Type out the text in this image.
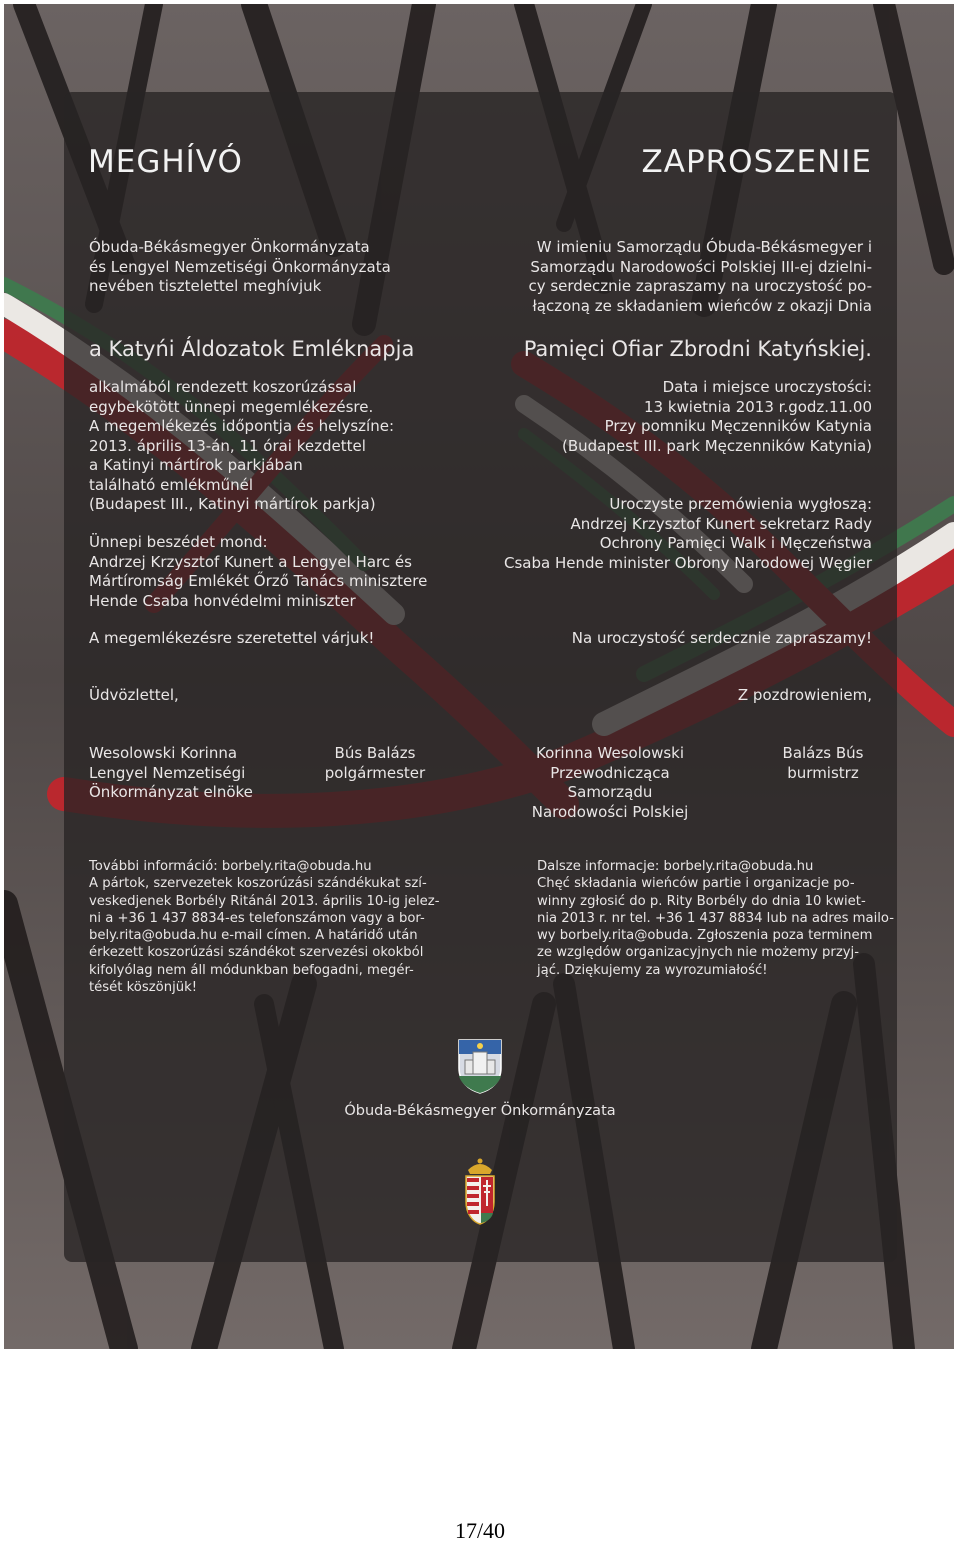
MEGHÍVÓ	ZAPROSZENIE
Óbuda-Békásmegyer Önkormányzata
és Lengyel Nemzetiségi Önkormányzata
nevében tisztelettel meghívjuk
a Katyńi Áldozatok Emléknapja
alkalmából rendezett koszorúzással
egybekötött ünnepi megemlékezésre.
A megemlékezés időpontja és helyszíne:
2013. április 13-án, 11 órai kezdettel
a Katinyi mártírok parkjában
található emlékműnél
(Budapest III., Katinyi mártírok parkja)
Ünnepi beszédet mond:
Andrzej Krzysztof Kunert a Lengyel Harc és
Mártíromság Emlékét Őrző Tanács minisztere
Hende Csaba honvédelmi miniszter
A megemlékezésre szeretettel várjuk!
Üdvözlettel,
Wesolowski Korinna
Lengyel Nemzetiségi
Önkormányzat elnöke
Bús Balázs
polgármester
További információ: borbely.rita@obuda.hu
A pártok, szervezetek koszorúzási szándékukat szí-
veskedjenek Borbély Ritánál 2013. április 10-ig jelez-
ni a +36 1 437 8834-es telefonszámon vagy a bor-
bely.rita@obuda.hu e-mail címen. A határidő után
érkezett koszorúzási szándékot szervezési okokból
kifolyólag nem áll módunkban befogadni, megér-
tését köszönjük!
W imieniu Samorządu Óbuda-Békásmegyer i
Samorządu Narodowości Polskiej III-ej dzielni-
cy serdecznie zapraszamy na uroczystość po-
łączoną ze składaniem wieńców z okazji Dnia
Pamięci Ofiar Zbrodni Katyńskiej.
Data i miejsce uroczystości:
13 kwietnia 2013 r.godz.11.00
Przy pomniku Męczenników Katynia
(Budapest III. park Męczenników Katynia)
Uroczyste przemówienia wygłoszą:
Andrzej Krzysztof Kunert sekretarz Rady
Ochrony Pamięci Walk i Męczeństwa
Csaba Hende minister Obrony Narodowej Węgier
Na uroczystość serdecznie zapraszamy!
Z pozdrowieniem,
Korinna Wesolowski
Przewodnicząca
Samorządu
Narodowości Polskiej
Balázs Bús
burmistrz
Dalsze informacje: borbely.rita@obuda.hu
Chęć składania wieńców partie i organizacje po-
winny zgłosić do p. Rity Borbély do dnia 10 kwiet-
nia 2013 r. nr tel. +36 1 437 8834 lub na adres mailo-
wy borbely.rita@obuda. Zgłoszenia poza terminem
ze względów organizacyjnych nie możemy przyj-
jąć. Dziękujemy za wyrozumiałość!
Óbuda-Békásmegyer Önkormányzata
17/40
